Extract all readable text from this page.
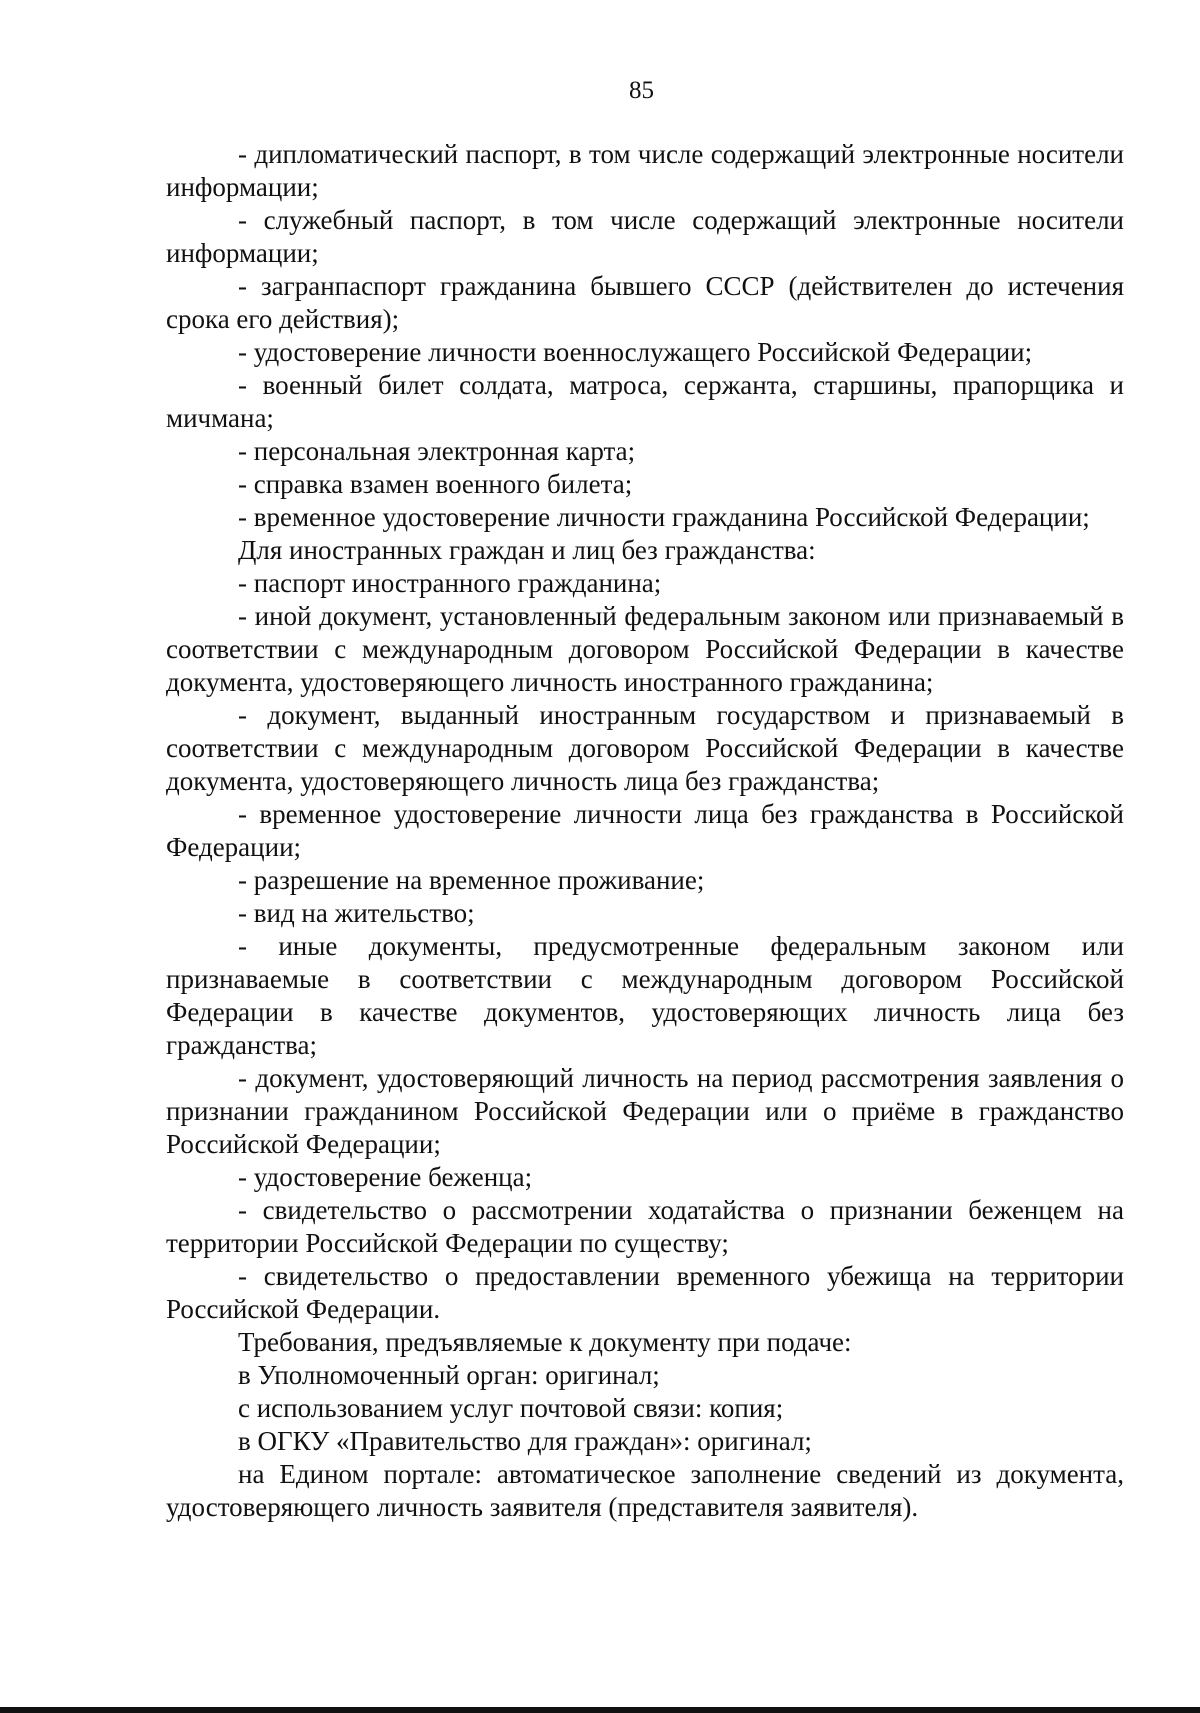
85

- дипломатический паспорт, в том числе содержащий электронные носители информации;

- служебный паспорт, в том числе содержащий электронные носители информации;

- загранпаспорт гражданина бывшего СССР (действителен до истечения срока его действия);

- удостоверение личности военнослужащего Российской Федерации;

- военный билет солдата, матроса, сержанта, старшины, прапорщика и мичмана;

- персональная электронная карта;

- справка взамен военного билета;

- временное удостоверение личности гражданина Российской Федерации;

Для иностранных граждан и лиц без гражданства:

- паспорт иностранного гражданина;

- иной документ, установленный федеральным законом или признаваемый в соответствии с международным договором Российской Федерации в качестве документа, удостоверяющего личность иностранного гражданина;

- документ, выданный иностранным государством и признаваемый в соответствии с международным договором Российской Федерации в качестве документа, удостоверяющего личность лица без гражданства;

- временное удостоверение личности лица без гражданства в Российской Федерации;

- разрешение на временное проживание;

- вид на жительство;

- иные документы, предусмотренные федеральным законом или признаваемые в соответствии с международным договором Российской Федерации в качестве документов, удостоверяющих личность лица без гражданства;

- документ, удостоверяющий личность на период рассмотрения заявления о признании гражданином Российской Федерации или о приёме в гражданство Российской Федерации;

- удостоверение беженца;

- свидетельство о рассмотрении ходатайства о признании беженцем на территории Российской Федерации по существу;

- свидетельство о предоставлении временного убежища на территории Российской Федерации.

Требования, предъявляемые к документу при подаче:

в Уполномоченный орган: оригинал;

с использованием услуг почтовой связи: копия;

в ОГКУ «Правительство для граждан»: оригинал;

на Едином портале: автоматическое заполнение сведений из документа, удостоверяющего личность заявителя (представителя заявителя).
